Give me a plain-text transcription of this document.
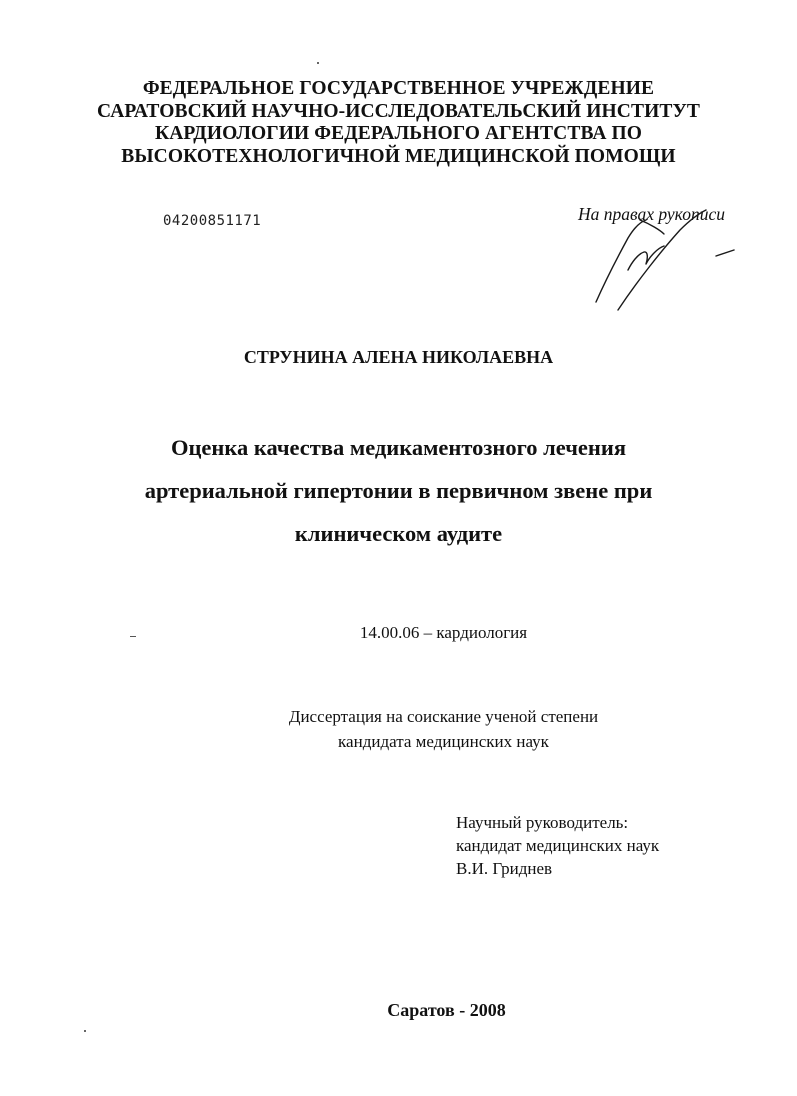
ФЕДЕРАЛЬНОЕ ГОСУДАРСТВЕННОЕ УЧРЕЖДЕНИЕ
САРАТОВСКИЙ НАУЧНО-ИССЛЕДОВАТЕЛЬСКИЙ ИНСТИТУТ
КАРДИОЛОГИИ ФЕДЕРАЛЬНОГО АГЕНТСТВА ПО
ВЫСОКОТЕХНОЛОГИЧНОЙ МЕДИЦИНСКОЙ ПОМОЩИ
04200851171	На правах рукописи
СТРУНИНА АЛЕНА НИКОЛАЕВНА
Оценка качества медикаментозного лечения
артериальной гипертонии в первичном звене при
клиническом аудите
14.00.06 – кардиология
Диссертация на соискание ученой степени
кандидата медицинских наук
Научный руководитель:
кандидат медицинских наук
В.И. Гриднев
Саратов - 2008
